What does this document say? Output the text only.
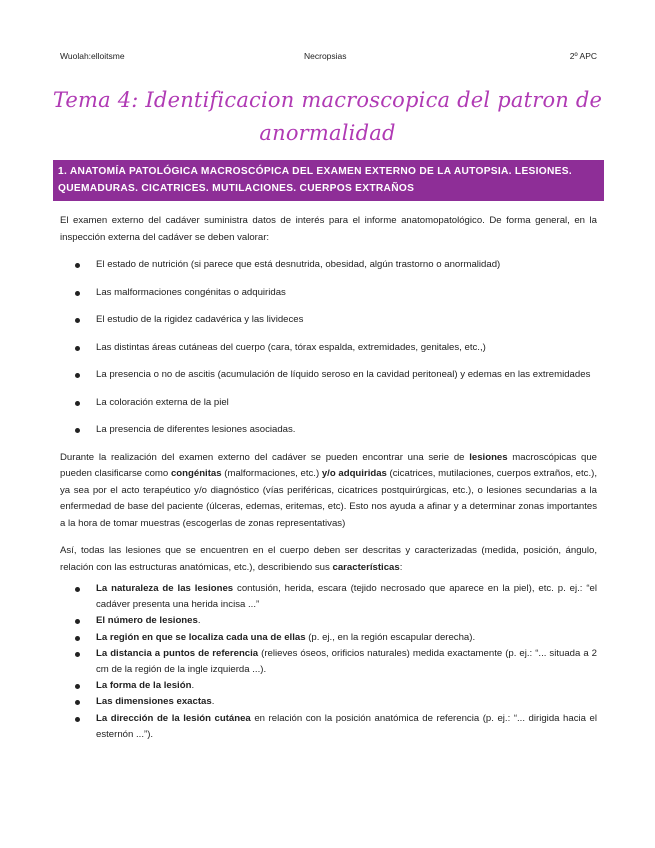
Wuolah:elloitsme	Necropsias	2º APC
Tema 4: Identificacion macroscopica del patron de
anormalidad
1. ANATOMÍA PATOLÓGICA MACROSCÓPICA DEL EXAMEN EXTERNO DE LA AUTOPSIA. LESIONES.
QUEMADURAS. CICATRICES. MUTILACIONES. CUERPOS EXTRAÑOS

El examen externo del cadáver suministra datos de interés para el informe anatomopatológico. De forma general, en la inspección externa del cadáver se deben valorar:

El estado de nutrición (si parece que está desnutrida, obesidad, algún trastorno o anormalidad)
Las malformaciones congénitas o adquiridas
El estudio de la rigidez cadavérica y las livideces
Las distintas áreas cutáneas del cuerpo (cara, tórax espalda, extremidades, genitales, etc.,)
La presencia o no de ascitis (acumulación de líquido seroso en la cavidad peritoneal) y edemas en las extremidades
La coloración externa de la piel
La presencia de diferentes lesiones asociadas.

Durante la realización del examen externo del cadáver se pueden encontrar una serie de lesiones macroscópicas que pueden clasificarse como congénitas (malformaciones, etc.) y/o adquiridas (cicatrices, mutilaciones, cuerpos extraños, etc.), ya sea por el acto terapéutico y/o diagnóstico (vías periféricas, cicatrices postquirúrgicas, etc.), o lesiones secundarias a la enfermedad de base del paciente (úlceras, edemas, eritemas, etc). Esto nos ayuda a afinar y a determinar zonas importantes a la hora de tomar muestras (escogerlas de zonas representativas)

Así, todas las lesiones que se encuentren en el cuerpo deben ser descritas y caracterizadas (medida, posición, ángulo, relación con las estructuras anatómicas, etc.), describiendo sus características:

La naturaleza de las lesiones contusión, herida, escara (tejido necrosado que aparece en la piel), etc. p. ej.: “el cadáver presenta una herida incisa ...”
El número de lesiones.
La región en que se localiza cada una de ellas (p. ej., en la región escapular derecha).
La distancia a puntos de referencia (relieves óseos, orificios naturales) medida exactamente (p. ej.: “... situada a 2 cm de la región de la ingle izquierda ...).
La forma de la lesión.
Las dimensiones exactas.
La dirección de la lesión cutánea en relación con la posición anatómica de referencia (p. ej.: “... dirigida hacia el esternón ...”).
